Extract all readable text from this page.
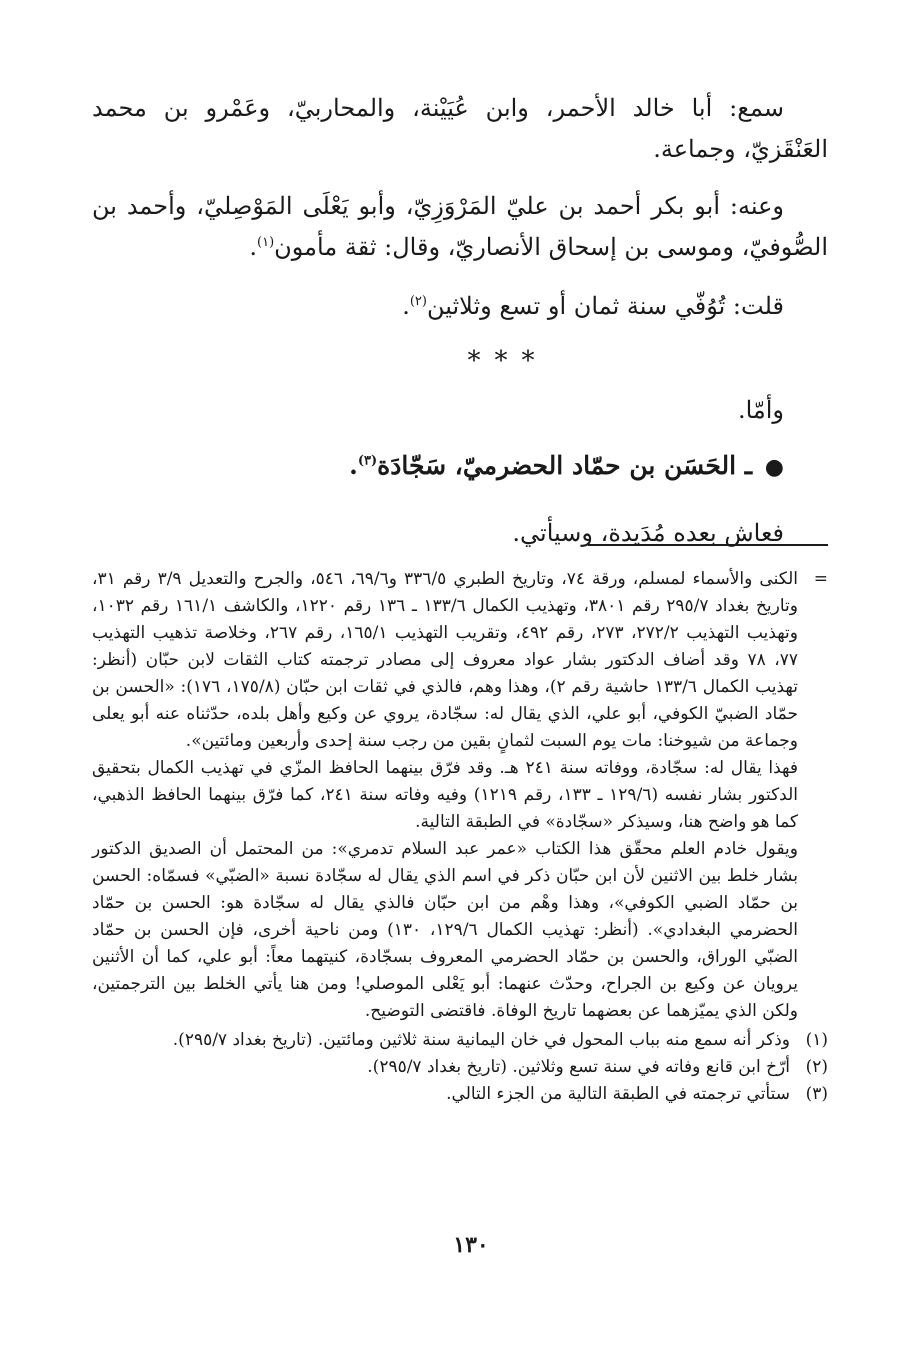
سمع: أبا خالد الأحمر، وابن عُيَيْنة، والمحاربيّ، وعَمْرو بن محمد العَنْقَزيّ، وجماعة.

وعنه: أبو بكر أحمد بن عليّ المَرْوَزِيّ، وأبو يَعْلَى المَوْصِليّ، وأحمد بن الصُّوفيّ، وموسى بن إسحاق الأنصاريّ، وقال: ثقة مأمون$^{(١)}$.

قلت: تُوُفّي سنة ثمان أو تسع وثلاثين$^{(٢)}$.

***

وأمّا.

● ـ الحَسَن بن حمّاد الحضرميّ، سَجّادَة$^{(٣)}$.

فعاش بعده مُدَيدة، وسيأتي.

=

الكنى والأسماء لمسلم، ورقة ٧٤، وتاريخ الطبري ٣٣٦/٥ و٦٩/٦، ٥٤٦، والجرح والتعديل ٣/٩ رقم ٣١، وتاريخ بغداد ٢٩٥/٧ رقم ٣٨٠١، وتهذيب الكمال ١٣٣/٦ ـ ١٣٦ رقم ١٢٢٠، والكاشف ١٦١/١ رقم ١٠٣٢، وتهذيب التهذيب ٢٧٢/٢، ٢٧٣، رقم ٤٩٢، وتقريب التهذيب ١٦٥/١، رقم ٢٦٧، وخلاصة تذهيب التهذيب ٧٧، ٧٨ وقد أضاف الدكتور بشار عواد معروف إلى مصادر ترجمته كتاب الثقات لابن حبّان (أنظر: تهذيب الكمال ١٣٣/٦ حاشية رقم ٢)، وهذا وهم، فالذي في ثقات ابن حبّان (١٧٥/٨، ١٧٦): «الحسن بن حمّاد الضبيّ الكوفي، أبو علي، الذي يقال له: سجّادة، يروي عن وكيع وأهل بلده، حدّثناه عنه أبو يعلى وجماعة من شيوخنا: مات يوم السبت لثمانٍ بقين من رجب سنة إحدى وأربعين ومائتين».

فهذا يقال له: سجّادة، ووفاته سنة ٢٤١ هـ. وقد فرّق بينهما الحافظ المزّي في تهذيب الكمال بتحقيق الدكتور بشار نفسه (١٢٩/٦ ـ ١٣٣، رقم ١٢١٩) وفيه وفاته سنة ٢٤١، كما فرّق بينهما الحافظ الذهبي، كما هو واضح هنا، وسيذكر «سجّادة» في الطبقة التالية.

ويقول خادم العلم محقّق هذا الكتاب «عمر عبد السلام تدمري»: من المحتمل أن الصديق الدكتور بشار خلط بين الاثنين لأن ابن حبّان ذكر في اسم الذي يقال له سجّادة نسبة «الضبّي» فسمّاه: الحسن بن حمّاد الضبي الكوفي»، وهذا وهْم من ابن حبّان فالذي يقال له سجّادة هو: الحسن بن حمّاد الحضرمي البغدادي». (أنظر: تهذيب الكمال ١٢٩/٦، ١٣٠) ومن ناحية أخرى، فإن الحسن بن حمّاد الضبّي الوراق، والحسن بن حمّاد الحضرمي المعروف بسجّادة، كنيتهما معاً: أبو علي، كما أن الأثنين يرويان عن وكيع بن الجراح، وحدّث عنهما: أبو يَعْلى الموصلي! ومن هنا يأتي الخلط بين الترجمتين، ولكن الذي يميّزهما عن بعضهما تاريخ الوفاة. فاقتضى التوضيح.

(١)
وذكر أنه سمع منه بباب المحول في خان اليمانية سنة ثلاثين ومائتين. (تاريخ بغداد ٢٩٥/٧).
(٢)
أرّخ ابن قانع وفاته في سنة تسع وثلاثين. (تاريخ بغداد ٢٩٥/٧).
(٣)
ستأتي ترجمته في الطبقة التالية من الجزء التالي.
١٣٠
